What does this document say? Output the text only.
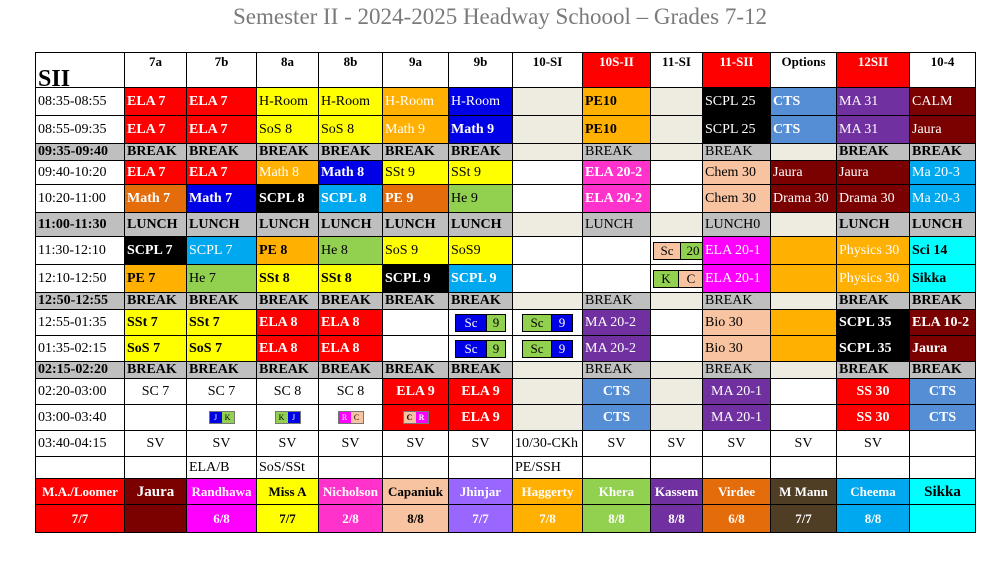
Semester II - 2024-2025 Headway Schoool – Grades 7-12
SII	7a	7b	8a	8b	9a	9b	10-SI	10S-II	11-SI	11-SII	Options	12SII	10-4
08:35-08:55	ELA 7	ELA 7	H-Room	H-Room	H-Room	H-Room		PE10		SCPL 25	CTS	MA 31	CALM
08:55-09:35	ELA 7	ELA 7	SoS 8	SoS 8	Math 9	Math 9		PE10		SCPL 25	CTS	MA 31	Jaura
09:35-09:40	BREAK	BREAK	BREAK	BREAK	BREAK	BREAK		BREAK		BREAK		BREAK	BREAK
09:40-10:20	ELA 7	ELA 7	Math 8	Math 8	SSt 9	SSt 9		ELA 20-2		Chem 30	Jaura	Jaura	Ma 20-3
10:20-11:00	Math 7	Math 7	SCPL 8	SCPL 8	PE 9	He 9		ELA 20-2		Chem 30	Drama 30	Drama 30	Ma 20-3
11:00-11:30	LUNCH	LUNCH	LUNCH	LUNCH	LUNCH	LUNCH		LUNCH		LUNCH0		LUNCH	LUNCH
11:30-12:10	SCPL 7	SCPL 7	PE 8	He 8	SoS 9	SoS9			Sc 20	ELA 20-1		Physics 30	Sci 14
12:10-12:50	PE 7	He 7	SSt 8	SSt 8	SCPL 9	SCPL 9			K C	ELA 20-1		Physics 30	Sikka
12:50-12:55	BREAK	BREAK	BREAK	BREAK	BREAK	BREAK		BREAK		BREAK		BREAK	BREAK
12:55-01:35	SSt 7	SSt 7	ELA 8	ELA 8		Sc 9	Sc 9	MA 20-2		Bio 30		SCPL 35	ELA 10-2
01:35-02:15	SoS 7	SoS 7	ELA 8	ELA 8		Sc 9	Sc 9	MA 20-2		Bio 30		SCPL 35	Jaura
02:15-02:20	BREAK	BREAK	BREAK	BREAK	BREAK	BREAK		BREAK		BREAK		BREAK	BREAK
02:20-03:00	SC 7	SC 7	SC 8	SC 8	ELA 9	ELA 9		CTS		MA 20-1		SS 30	CTS
03:00-03:40		J K	K J	R C	C R	ELA 9		CTS		MA 20-1		SS 30	CTS
03:40-04:15	SV	SV	SV	SV	SV	SV	10/30-CKh	SV	SV	SV	SV	SV	
		ELA/B	SoS/SSt				PE/SSH						
M.A./Loomer	Jaura	Randhawa	Miss A	Nicholson	Capaniuk	Jhinjar	Haggerty	Khera	Kassem	Virdee	M Mann	Cheema	Sikka
7/7		6/8	7/7	2/8	8/8	7/7	7/8	8/8	8/8	6/8	7/7	8/8	
